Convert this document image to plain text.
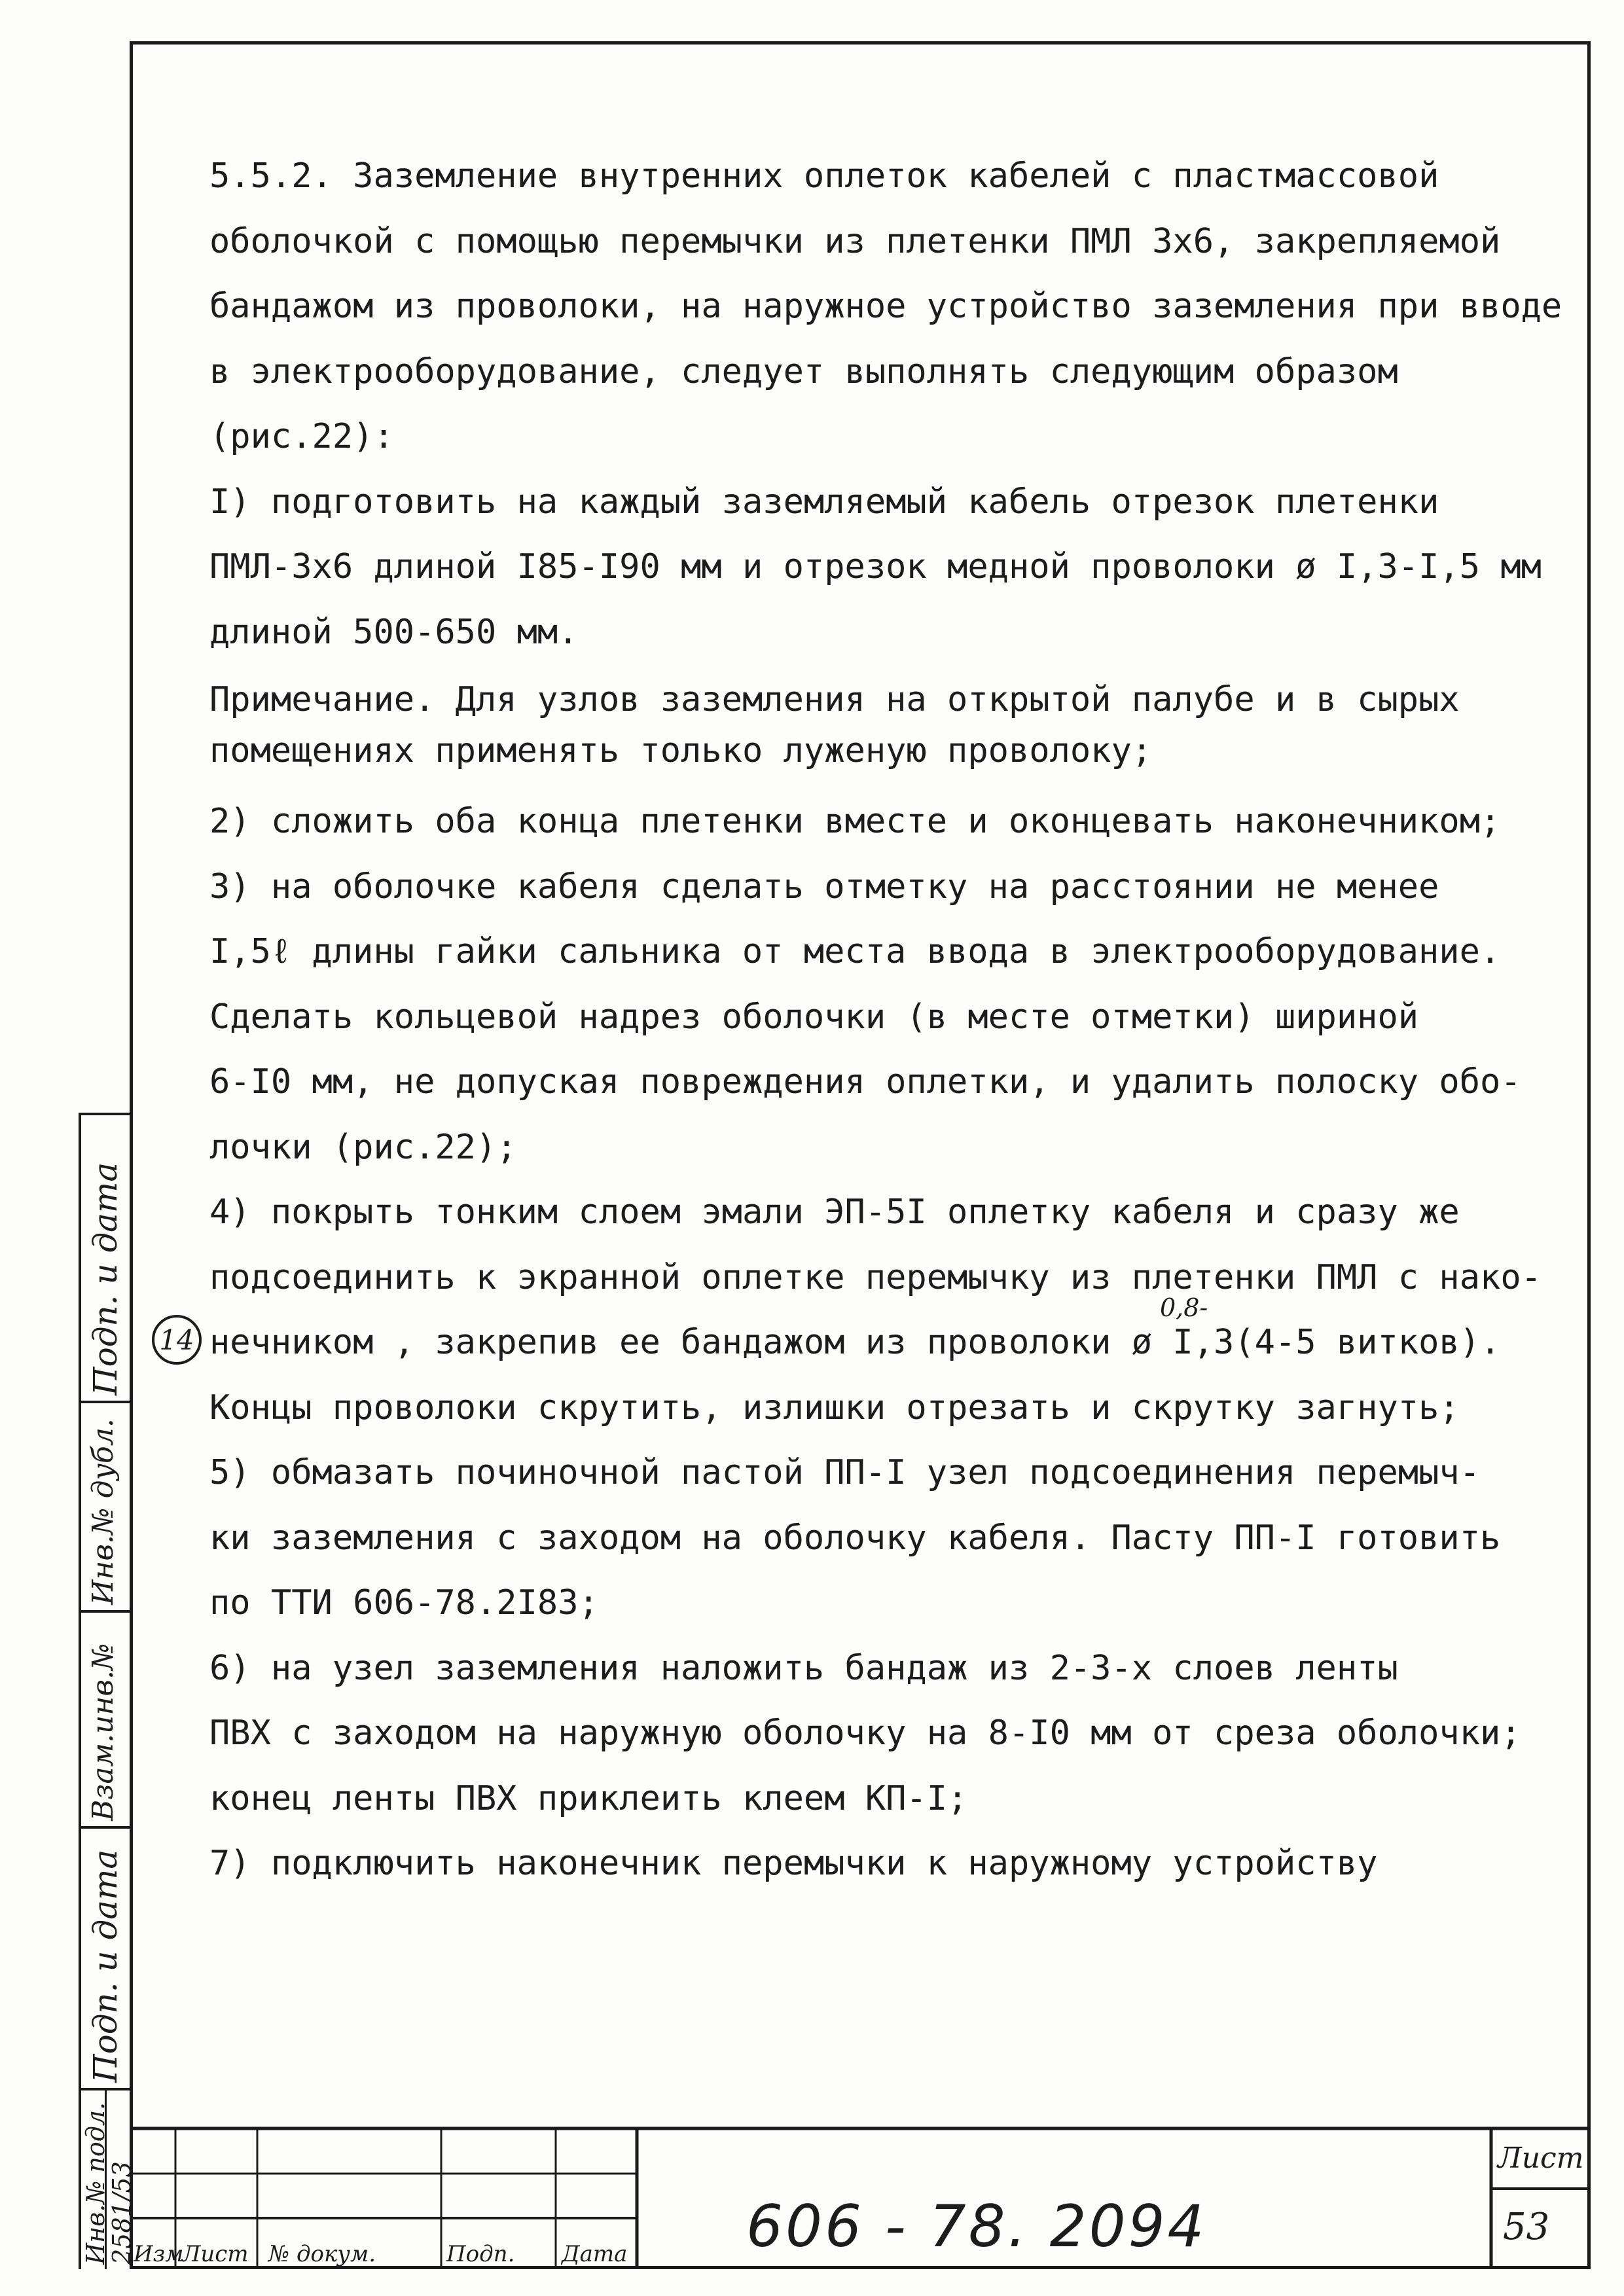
Подп. и дата
Инв.№ дубл.
Взам.инв.№
Подп. и дата
Инв.№ подл.
2581/53
14
0,8-
5.5.2. Заземление внутренних оплеток кабелей с пластмассовой
оболочкой с помощью перемычки из плетенки ПМЛ 3х6, закрепляемой
бандажом из проволоки, на наружное устройство заземления при вводе
в электрооборудование, следует выполнять следующим образом
(рис.22):
I) подготовить на каждый заземляемый кабель отрезок плетенки
ПМЛ-3х6 длиной I85-I90 мм и отрезок медной проволоки ø I,3-I,5 мм
длиной 500-650 мм.
Примечание. Для узлов заземления на открытой палубе и в сырых
помещениях применять только луженую проволоку;
2) сложить оба конца плетенки вместе и оконцевать наконечником;
3) на оболочке кабеля сделать отметку на расстоянии не менее
I,5ℓ длины гайки сальника от места ввода в электрооборудование.
Сделать кольцевой надрез оболочки (в месте отметки) шириной
6-I0 мм, не допуская повреждения оплетки, и удалить полоску обо-
лочки (рис.22);
4) покрыть тонким слоем эмали ЭП-5I оплетку кабеля и сразу же
подсоединить к экранной оплетке перемычку из плетенки ПМЛ с нако-
нечником , закрепив ее бандажом из проволоки ø I,3(4-5 витков).
Концы проволоки скрутить, излишки отрезать и скрутку загнуть;
5) обмазать починочной пастой ПП-I узел подсоединения перемыч-
ки заземления с заходом на оболочку кабеля. Пасту ПП-I готовить
по ТТИ 606-78.2I83;
6) на узел заземления наложить бандаж из 2-3-х слоев ленты
ПВХ с заходом на наружную оболочку на 8-I0 мм от среза оболочки;
конец ленты ПВХ приклеить клеем КП-I;
7) подключить наконечник перемычки к наружному устройству
Изм
Лист № докум.	Подп. Дата 606 - 78. 2094
Лист
53
